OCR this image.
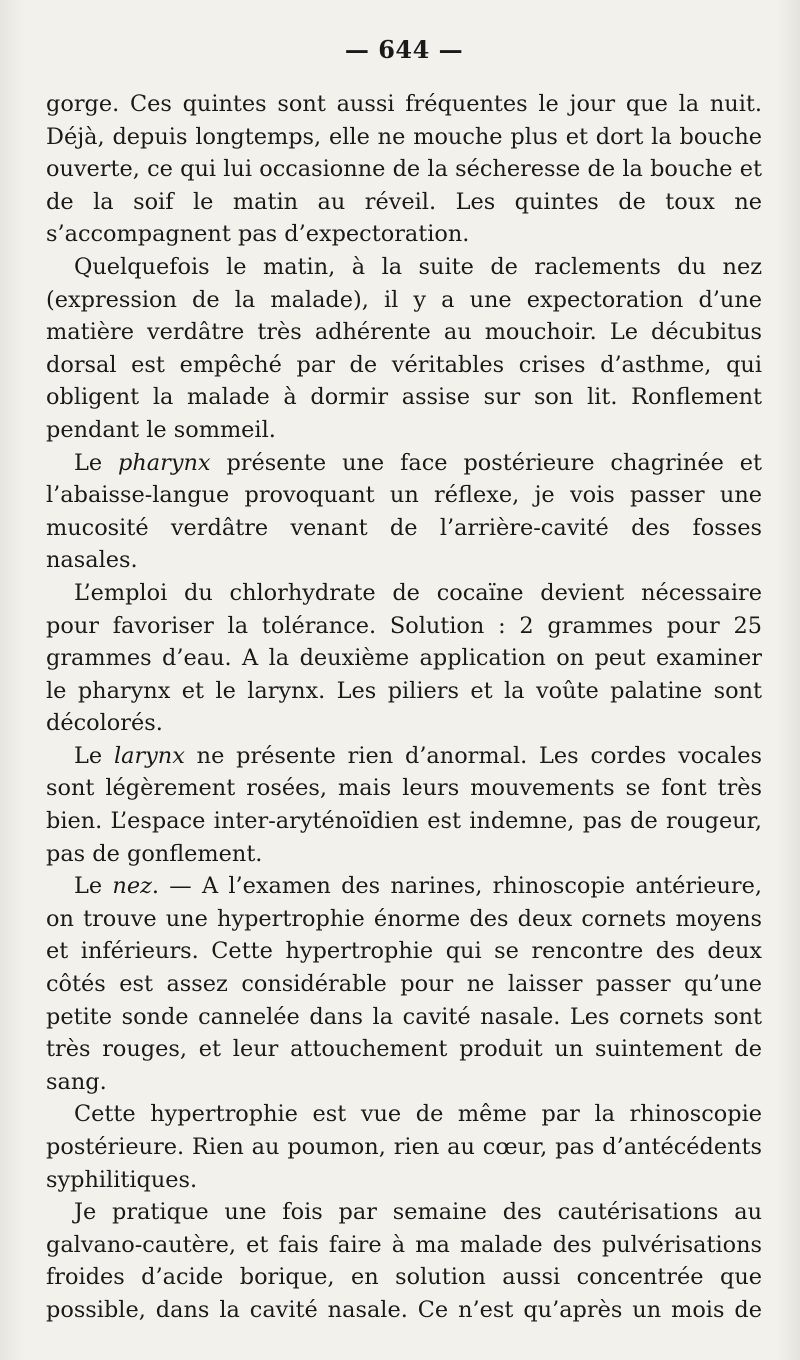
— 644 —

gorge. Ces quintes sont aussi fréquentes le jour que la nuit. Déjà, depuis longtemps, elle ne mouche plus et dort la bouche ouverte, ce qui lui occasionne de la sécheresse de la bouche et de la soif le matin au réveil. Les quintes de toux ne s’accompagnent pas d’expectoration.

Quelquefois le matin, à la suite de raclements du nez (expression de la malade), il y a une expectoration d’une matière verdâtre très adhérente au mouchoir. Le décubitus dorsal est empêché par de véritables crises d’asthme, qui obligent la malade à dormir assise sur son lit. Ronflement pendant le sommeil.

Le pharynx présente une face postérieure chagrinée et l’abaisse-langue provoquant un réflexe, je vois passer une mucosité verdâtre venant de l’arrière-cavité des fosses nasales.

L’emploi du chlorhydrate de cocaïne devient nécessaire pour favoriser la tolérance. Solution : 2 grammes pour 25 grammes d’eau. A la deuxième application on peut examiner le pharynx et le larynx. Les piliers et la voûte palatine sont décolorés.

Le larynx ne présente rien d’anormal. Les cordes vocales sont légèrement rosées, mais leurs mouvements se font très bien. L’espace inter-aryténoïdien est indemne, pas de rougeur, pas de gonflement.

Le nez. — A l’examen des narines, rhinoscopie antérieure, on trouve une hypertrophie énorme des deux cornets moyens et inférieurs. Cette hypertrophie qui se rencontre des deux côtés est assez considérable pour ne laisser passer qu’une petite sonde cannelée dans la cavité nasale. Les cornets sont très rouges, et leur attouchement produit un suintement de sang.

Cette hypertrophie est vue de même par la rhinoscopie postérieure. Rien au poumon, rien au cœur, pas d’antécédents syphilitiques.

Je pratique une fois par semaine des cautérisations au galvano-cautère, et fais faire à ma malade des pulvérisations froides d’acide borique, en solution aussi concentrée que possible, dans la cavité nasale. Ce n’est qu’après un mois de
